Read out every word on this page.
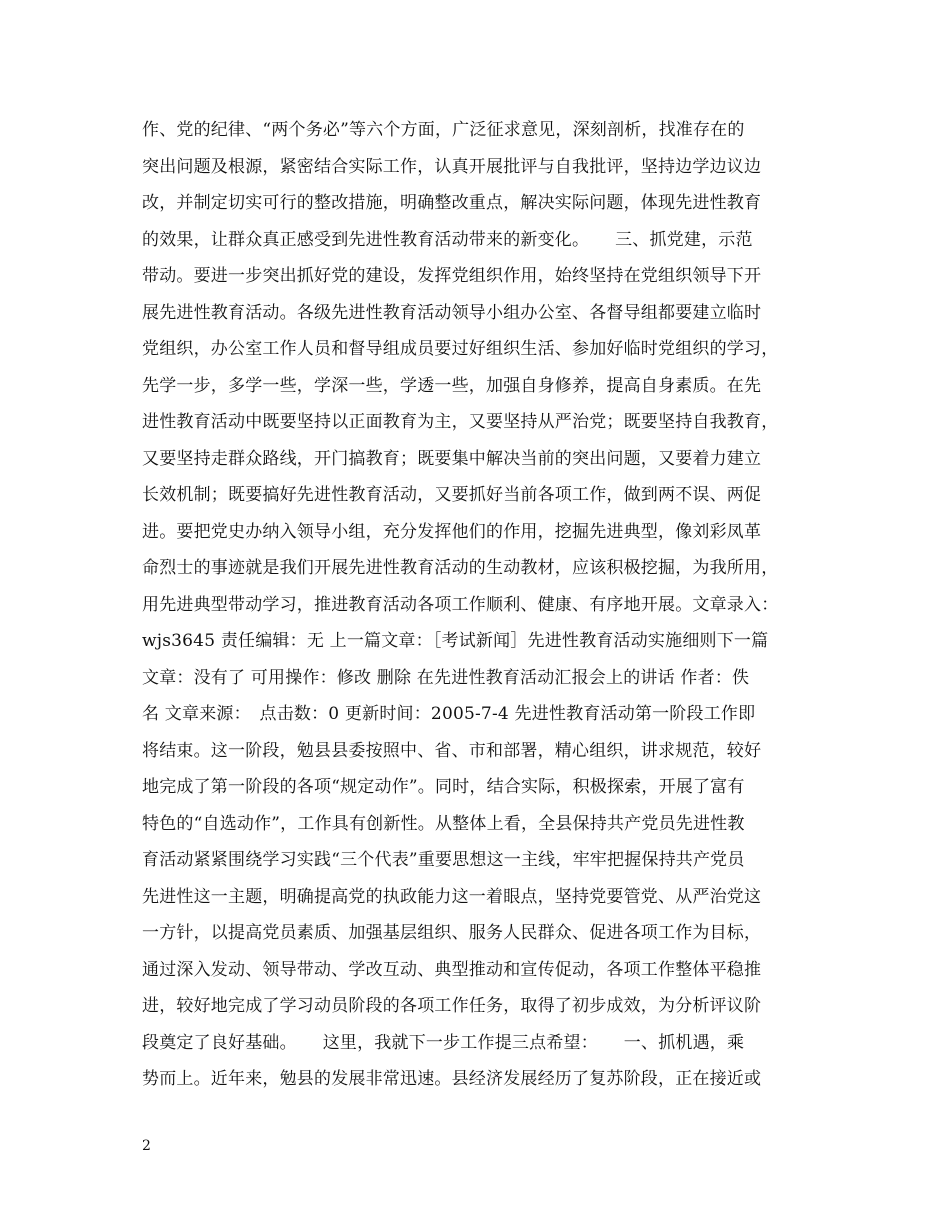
作、党的纪律、“两个务必”等六个方面，广泛征求意见，深刻剖析，找准存在的
突出问题及根源，紧密结合实际工作，认真开展批评与自我批评，坚持边学边议边
改，并制定切实可行的整改措施，明确整改重点，解决实际问题，体现先进性教育
的效果，让群众真正感受到先进性教育活动带来的新变化。　　三、抓党建，示范
带动。要进一步突出抓好党的建设，发挥党组织作用，始终坚持在党组织领导下开
展先进性教育活动。各级先进性教育活动领导小组办公室、各督导组都要建立临时
党组织，办公室工作人员和督导组成员要过好组织生活、参加好临时党组织的学习，
先学一步，多学一些，学深一些，学透一些，加强自身修养，提高自身素质。在先
进性教育活动中既要坚持以正面教育为主，又要坚持从严治党；既要坚持自我教育，
又要坚持走群众路线，开门搞教育；既要集中解决当前的突出问题，又要着力建立
长效机制；既要搞好先进性教育活动，又要抓好当前各项工作，做到两不误、两促
进。要把党史办纳入领导小组，充分发挥他们的作用，挖掘先进典型，像刘彩凤革
命烈士的事迹就是我们开展先进性教育活动的生动教材，应该积极挖掘，为我所用，
用先进典型带动学习，推进教育活动各项工作顺利、健康、有序地开展。文章录入：
wjs3645 责任编辑：无 上一篇文章：［考试新闻］先进性教育活动实施细则下一篇
文章：没有了 可用操作：修改 删除 在先进性教育活动汇报会上的讲话 作者：佚
名 文章来源：　点击数：0 更新时间：2005-7-4 先进性教育活动第一阶段工作即
将结束。这一阶段，勉县县委按照中、省、市和部署，精心组织，讲求规范，较好
地完成了第一阶段的各项“规定动作”。同时，结合实际，积极探索，开展了富有
特色的“自选动作”，工作具有创新性。从整体上看，全县保持共产党员先进性教
育活动紧紧围绕学习实践“三个代表”重要思想这一主线，牢牢把握保持共产党员
先进性这一主题，明确提高党的执政能力这一着眼点，坚持党要管党、从严治党这
一方针，以提高党员素质、加强基层组织、服务人民群众、促进各项工作为目标，
通过深入发动、领导带动、学改互动、典型推动和宣传促动，各项工作整体平稳推
进，较好地完成了学习动员阶段的各项工作任务，取得了初步成效，为分析评议阶
段奠定了良好基础。　　这里，我就下一步工作提三点希望：　　一、抓机遇，乘
势而上。近年来，勉县的发展非常迅速。县经济发展经历了复苏阶段，正在接近或
2
